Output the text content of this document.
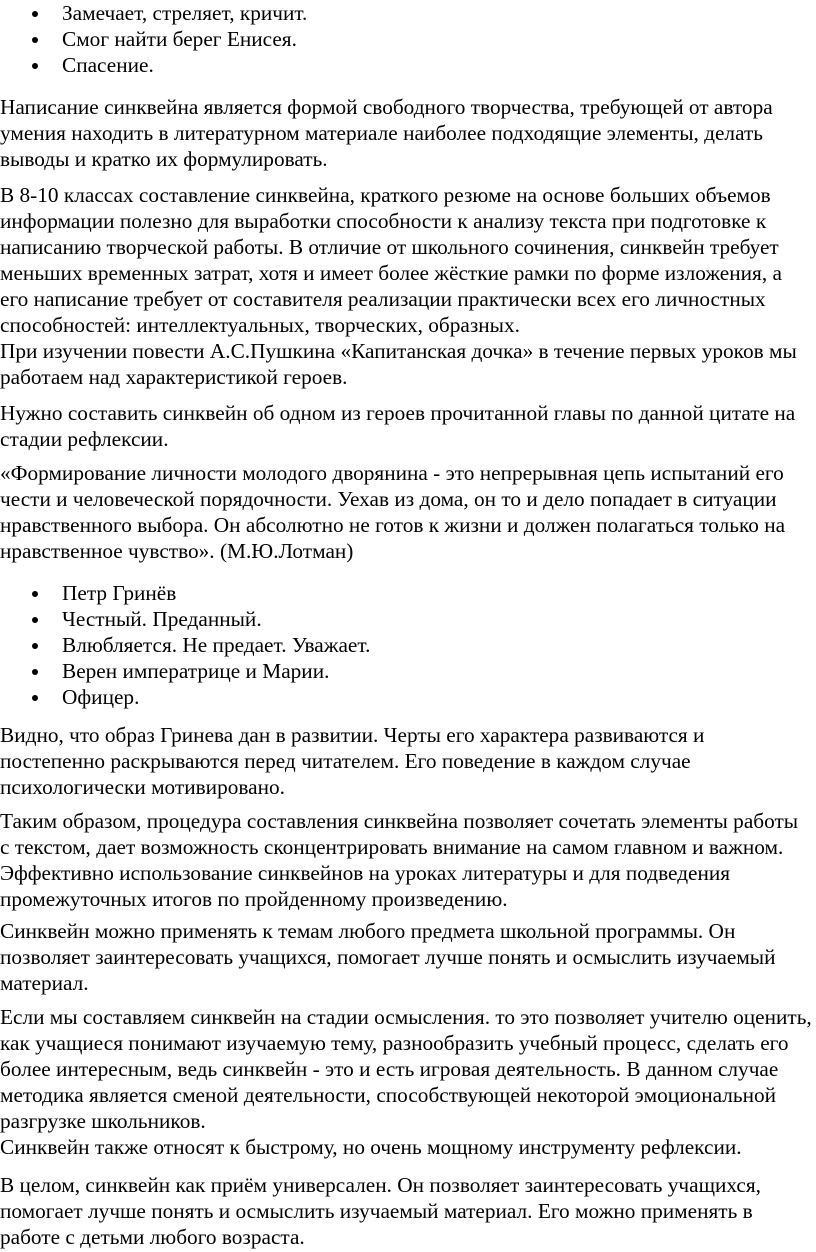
Замечает, стреляет, кричит.
Смог найти берег Енисея.
Спасение.

Написание синквейна является формой свободного творчества, требующей от автора умения находить в литературном материале наиболее подходящие элементы, делать выводы и кратко их формулировать.

В 8-10 классах составление синквейна, краткого резюме на основе больших объемов информации полезно для выработки способности к анализу текста при подготовке к написанию творческой работы. В отличие от школьного сочинения, синквейн требует меньших временных затрат, хотя и имеет более жёсткие рамки по форме изложения, а его написание требует от составителя реализации практически всех его личностных способностей: интеллектуальных, творческих, образных.

При изучении повести А.С.Пушкина «Капитанская дочка» в течение первых уроков мы работаем над характеристикой героев.

Нужно составить синквейн об одном из героев прочитанной главы по данной цитате на стадии рефлексии.

«Формирование личности молодого дворянина - это непрерывная цепь испытаний его чести и человеческой порядочности. Уехав из дома, он то и дело попадает в ситуации нравственного выбора. Он абсолютно не готов к жизни и должен полагаться только на нравственное чувство». (М.Ю.Лотман)

Петр Гринёв
Честный. Преданный.
Влюбляется. Не предает. Уважает.
Верен императрице и Марии.
Офицер.

Видно, что образ Гринева дан в развитии. Черты его характера развиваются и постепенно раскрываются перед читателем. Его поведение в каждом случае психологически мотивировано.

Таким образом, процедура составления синквейна позволяет сочетать элементы работы с текстом, дает возможность сконцентрировать внимание на самом главном и важном. Эффективно использование синквейнов на уроках литературы и для подведения промежуточных итогов по пройденному произведению.

Синквейн можно применять к темам любого предмета школьной программы. Он позволяет заинтересовать учащихся, помогает лучше понять и осмыслить изучаемый материал.

Если мы составляем синквейн на стадии осмысления. то это позволяет учителю оценить, как учащиеся понимают изучаемую тему, разнообразить учебный процесс, сделать его более интересным, ведь синквейн - это и есть игровая деятельность. В данном случае методика является сменой деятельности, способствующей некоторой эмоциональной разгрузке школьников.

Синквейн также относят к быстрому, но очень мощному инструменту рефлексии.

В целом, синквейн как приём универсален. Он позволяет заинтересовать учащихся, помогает лучше понять и осмыслить изучаемый материал. Его можно применять в работе с детьми любого возраста.
